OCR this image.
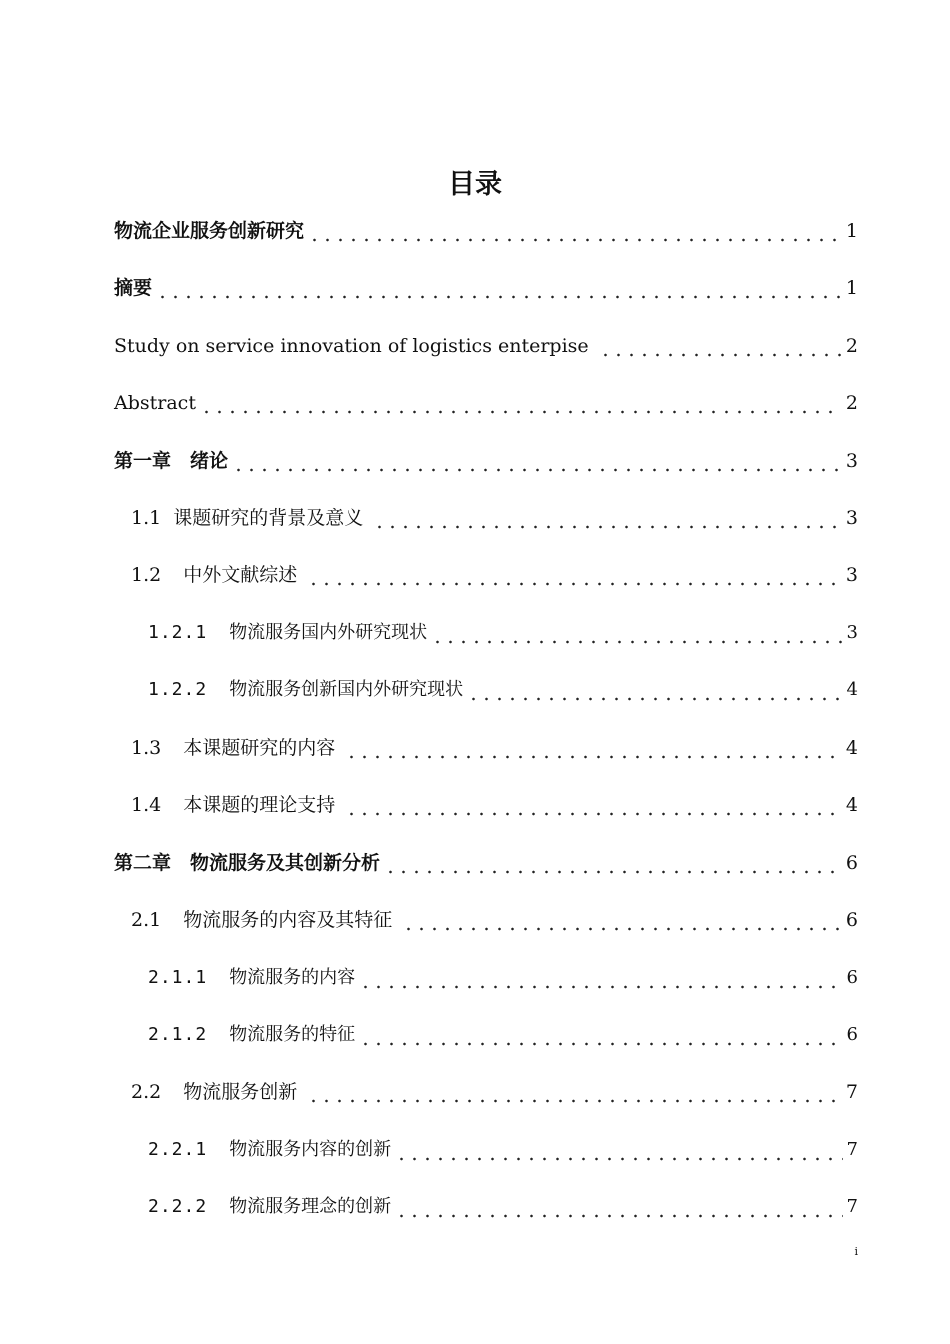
目录
物流企业服务创新研究	1
摘要	1
Study on service innovation of logistics enterpise	2
Abstract	2
第一章　绪论	3
1.1 课题研究的背景及意义	3
1.2 中外文献综述	3
1.2.1 物流服务国内外研究现状	3
1.2.2 物流服务创新国内外研究现状	4
1.3 本课题研究的内容	4
1.4 本课题的理论支持	4
第二章　物流服务及其创新分析	6
2.1 物流服务的内容及其特征	6
2.1.1 物流服务的内容	6
2.1.2 物流服务的特征	6
2.2 物流服务创新	7
2.2.1 物流服务内容的创新	7
2.2.2 物流服务理念的创新	7
i
